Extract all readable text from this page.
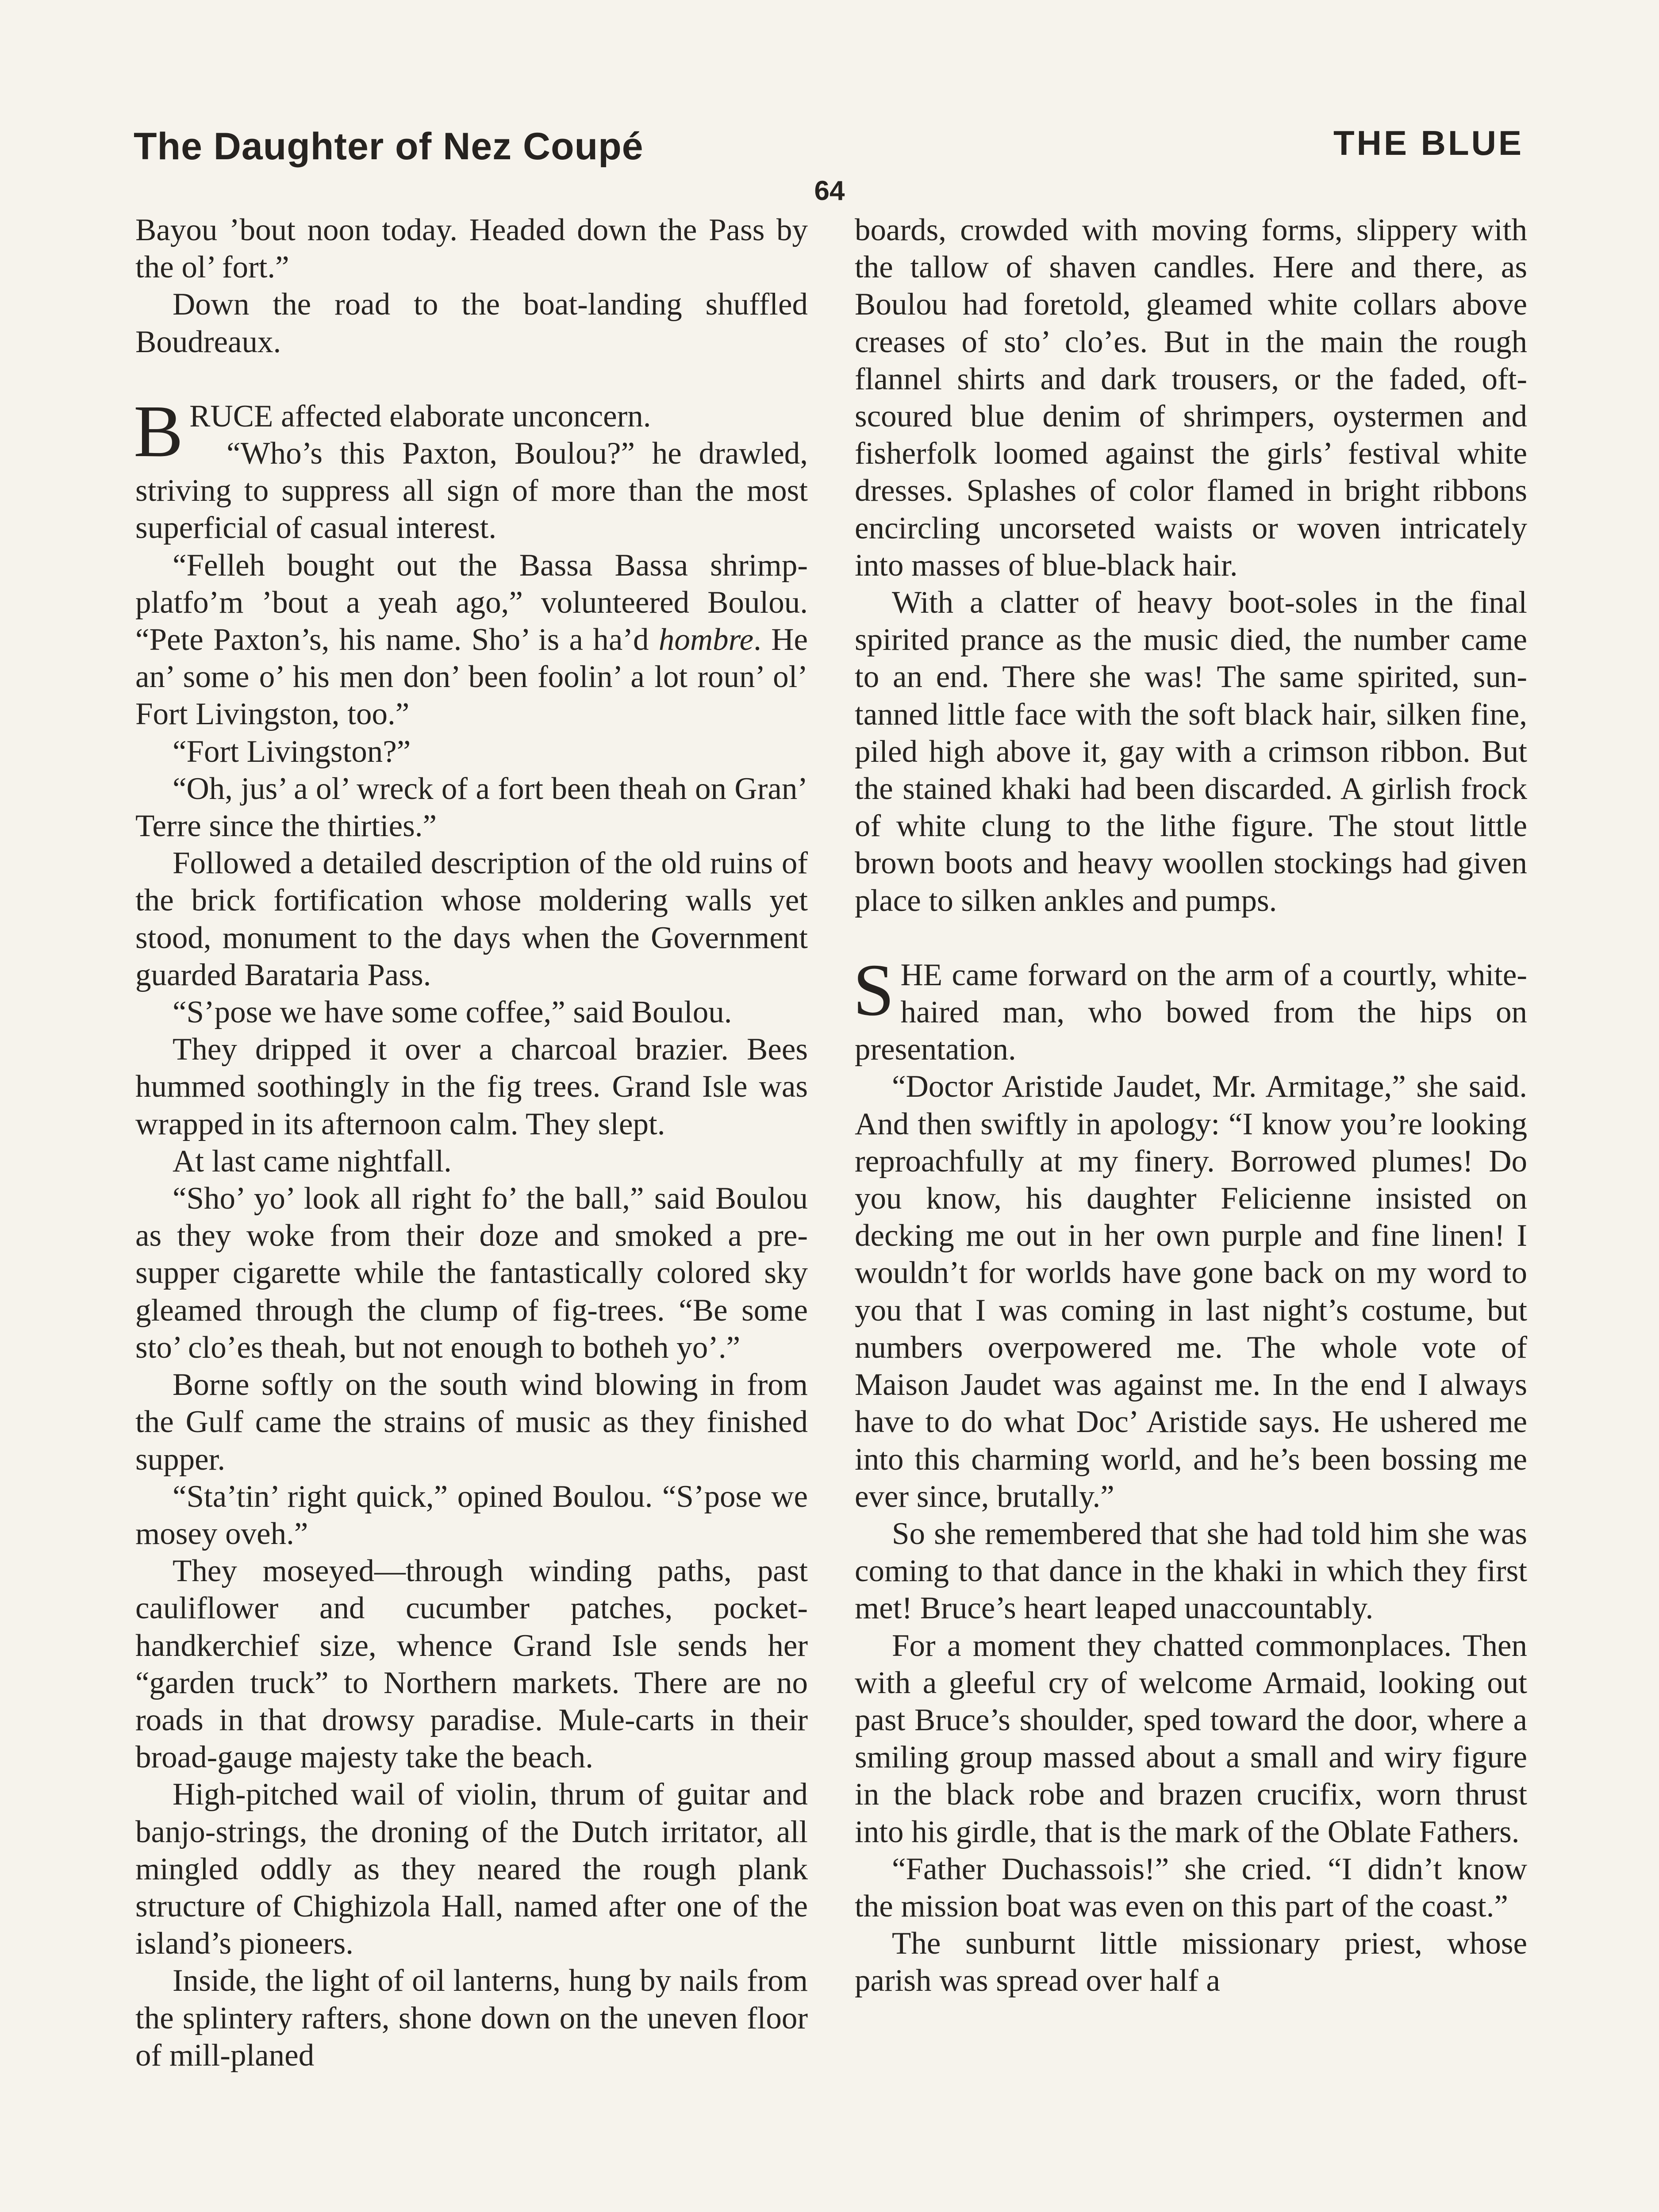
The Daughter of Nez Coupé	THE BLUE
64

Bayou ’bout noon today. Headed down the Pass by the ol’ fort.”

Down the road to the boat-landing shuffled Boudreaux.

BRUCE affected elaborate unconcern.

“Who’s this Paxton, Boulou?” he drawled, striving to suppress all sign of more than the most superficial of casual interest.

“Felleh bought out the Bassa Bassa shrimp-platfo’m ’bout a yeah ago,” volunteered Boulou. “Pete Paxton’s, his name. Sho’ is a ha’d hombre. He an’ some o’ his men don’ been foolin’ a lot roun’ ol’ Fort Livingston, too.”

“Fort Livingston?”

“Oh, jus’ a ol’ wreck of a fort been theah on Gran’ Terre since the thirties.”

Followed a detailed description of the old ruins of the brick fortification whose moldering walls yet stood, monument to the days when the Government guarded Barataria Pass.

“S’pose we have some coffee,” said Boulou.

They dripped it over a charcoal brazier. Bees hummed soothingly in the fig trees. Grand Isle was wrapped in its afternoon calm. They slept.

At last came nightfall.

“Sho’ yo’ look all right fo’ the ball,” said Boulou as they woke from their doze and smoked a pre-supper cigarette while the fantastically colored sky gleamed through the clump of fig-trees. “Be some sto’ clo’es theah, but not enough to botheh yo’.”

Borne softly on the south wind blowing in from the Gulf came the strains of music as they finished supper.

“Sta’tin’ right quick,” opined Boulou. “S’pose we mosey oveh.”

They moseyed—through winding paths, past cauliflower and cucumber patches, pocket-handkerchief size, whence Grand Isle sends her “garden truck” to Northern markets. There are no roads in that drowsy paradise. Mule-carts in their broad-gauge majesty take the beach.

High-pitched wail of violin, thrum of guitar and banjo-strings, the droning of the Dutch irritator, all mingled oddly as they neared the rough plank structure of Chighizola Hall, named after one of the island’s pioneers.

Inside, the light of oil lanterns, hung by nails from the splintery rafters, shone down on the uneven floor of mill-planed

boards, crowded with moving forms, slippery with the tallow of shaven candles. Here and there, as Boulou had foretold, gleamed white collars above creases of sto’ clo’es. But in the main the rough flannel shirts and dark trousers, or the faded, oft-scoured blue denim of shrimpers, oystermen and fisherfolk loomed against the girls’ festival white dresses. Splashes of color flamed in bright ribbons encircling uncorseted waists or woven intricately into masses of blue-black hair.

With a clatter of heavy boot-soles in the final spirited prance as the music died, the number came to an end. There she was! The same spirited, sun-tanned little face with the soft black hair, silken fine, piled high above it, gay with a crimson ribbon. But the stained khaki had been discarded. A girlish frock of white clung to the lithe figure. The stout little brown boots and heavy woollen stockings had given place to silken ankles and pumps.

SHE came forward on the arm of a courtly, white-haired man, who bowed from the hips on presentation.

“Doctor Aristide Jaudet, Mr. Armitage,” she said. And then swiftly in apology: “I know you’re looking reproachfully at my finery. Borrowed plumes! Do you know, his daughter Felicienne insisted on decking me out in her own purple and fine linen! I wouldn’t for worlds have gone back on my word to you that I was coming in last night’s costume, but numbers overpowered me. The whole vote of Maison Jaudet was against me. In the end I always have to do what Doc’ Aristide says. He ushered me into this charming world, and he’s been bossing me ever since, brutally.”

So she remembered that she had told him she was coming to that dance in the khaki in which they first met! Bruce’s heart leaped unaccountably.

For a moment they chatted commonplaces. Then with a gleeful cry of welcome Armaid, looking out past Bruce’s shoulder, sped toward the door, where a smiling group massed about a small and wiry figure in the black robe and brazen crucifix, worn thrust into his girdle, that is the mark of the Oblate Fathers.

“Father Duchassois!” she cried. “I didn’t know the mission boat was even on this part of the coast.”

The sunburnt little missionary priest, whose parish was spread over half a
